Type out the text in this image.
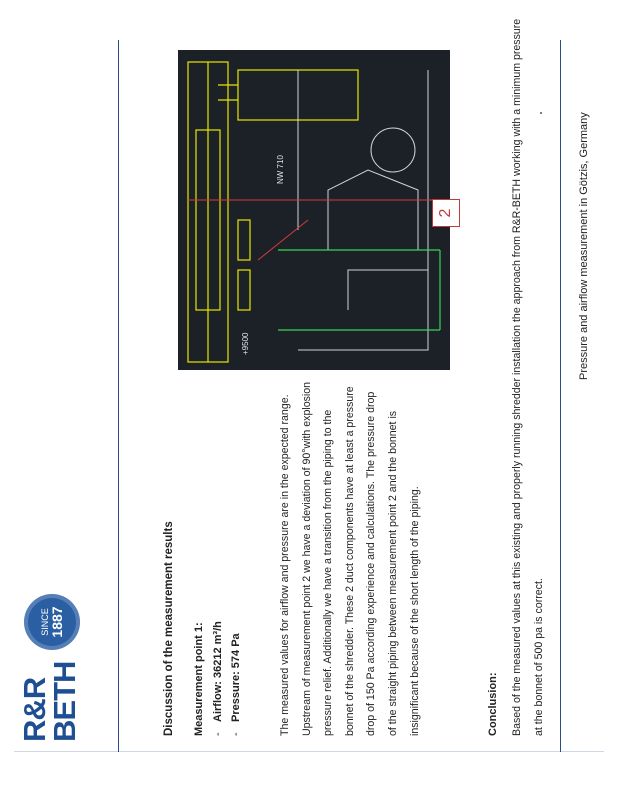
Pressure and airflow measurement in Götzis, Germany
R&R
BETH
SINCE 1887	Discussion of the measurement results Measurement point 1: -Airflow: 36212 m³/h
-Pressure: 574 Pa	The measured values for airflow and pressure are in the expected range. Upstream of measurement point 2 we have a deviation of 90°with explosion pressure relief. Additionally we have a transition from the piping to the bonnet of the shredder. These 2 duct components have at least a pressure drop of 150 Pa according experience and calculations. The pressure drop of the straight piping between measurement point 2 and the bonnet is insignificant because of the short length of the piping.
NW 710
+9500
2
Conclusion:	Based of the measured values at this existing and properly running shredder installation the approach from R&R-BETH working with a minimum pressure at the bonnet of 500 pa is correct.
